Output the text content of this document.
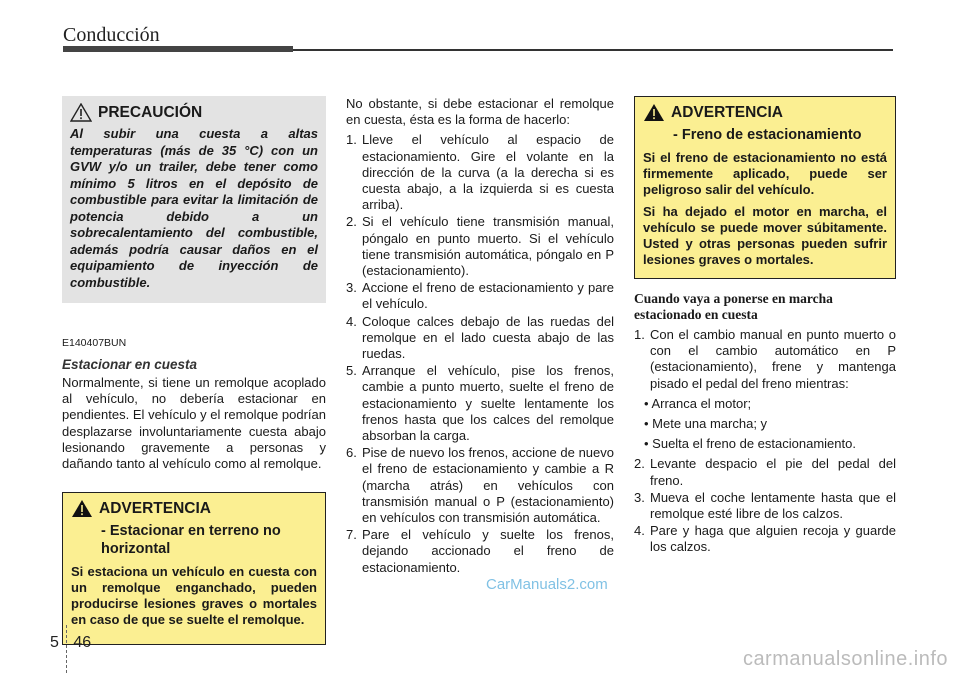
Conducción
PRECAUCIÓN
Al subir una cuesta a altas temperaturas (más de 35 °C) con un GVW y/o un trailer, debe tener como mínimo 5 litros en el depósito de combustible para evitar la limitación de potencia debido a un sobrecalentamiento del combustible, además podría causar daños en el equipamiento de inyección de combustible.
E140407BUN
Estacionar en cuesta

Normalmente, si tiene un remolque acoplado al vehículo, no debería estacionar en pendientes. El vehículo y el remolque podrían desplazarse involuntariamente cuesta abajo lesionando gravemente a personas y dañando tanto al vehículo como al remolque.

ADVERTENCIA
- Estacionar en terreno no horizontal

Si estaciona un vehículo en cuesta con un remolque enganchado, pueden producirse lesiones graves o mortales en caso de que se suelte el remolque.

No obstante, si debe estacionar el remolque en cuesta, ésta es la forma de hacerlo:

1. Lleve el vehículo al espacio de estacionamiento. Gire el volante en la dirección de la curva (a la derecha si es cuesta abajo, a la izquierda si es cuesta arriba).
2. Si el vehículo tiene transmisión manual, póngalo en punto muerto. Si el vehículo tiene transmisión automática, póngalo en P (estacionamiento).
3. Accione el freno de estacionamiento y pare el vehículo.
4. Coloque calces debajo de las ruedas del remolque en el lado cuesta abajo de las ruedas.
5. Arranque el vehículo, pise los frenos, cambie a punto muerto, suelte el freno de estacionamiento y suelte lentamente los frenos hasta que los calces del remolque absorban la carga.
6. Pise de nuevo los frenos, accione de nuevo el freno de estacionamiento y cambie a R (marcha atrás) en vehículos con transmisión manual o P (estacionamiento) en vehículos con transmisión automática.
7. Pare el vehículo y suelte los frenos, dejando accionado el freno de estacionamiento.
ADVERTENCIA
- Freno de estacionamiento

Si el freno de estacionamiento no está firmemente aplicado, puede ser peligroso salir del vehículo.

Si ha dejado el motor en marcha, el vehículo se puede mover súbitamente. Usted y otras personas pueden sufrir lesiones graves o mortales.

Cuando vaya a ponerse en marcha estacionado en cuesta
1. Con el cambio manual en punto muerto o con el cambio automático en P (estacionamiento), frene y mantenga pisado el pedal del freno mientras:
• Arranca el motor;
• Mete una marcha; y
• Suelta el freno de estacionamiento.
2. Levante despacio el pie del pedal del freno.
3. Mueva el coche lentamente hasta que el remolque esté libre de los calzos.
4. Pare y haga que alguien recoja y guarde los calzos.
CarManuals2.com
5 46
carmanualsonline.info
